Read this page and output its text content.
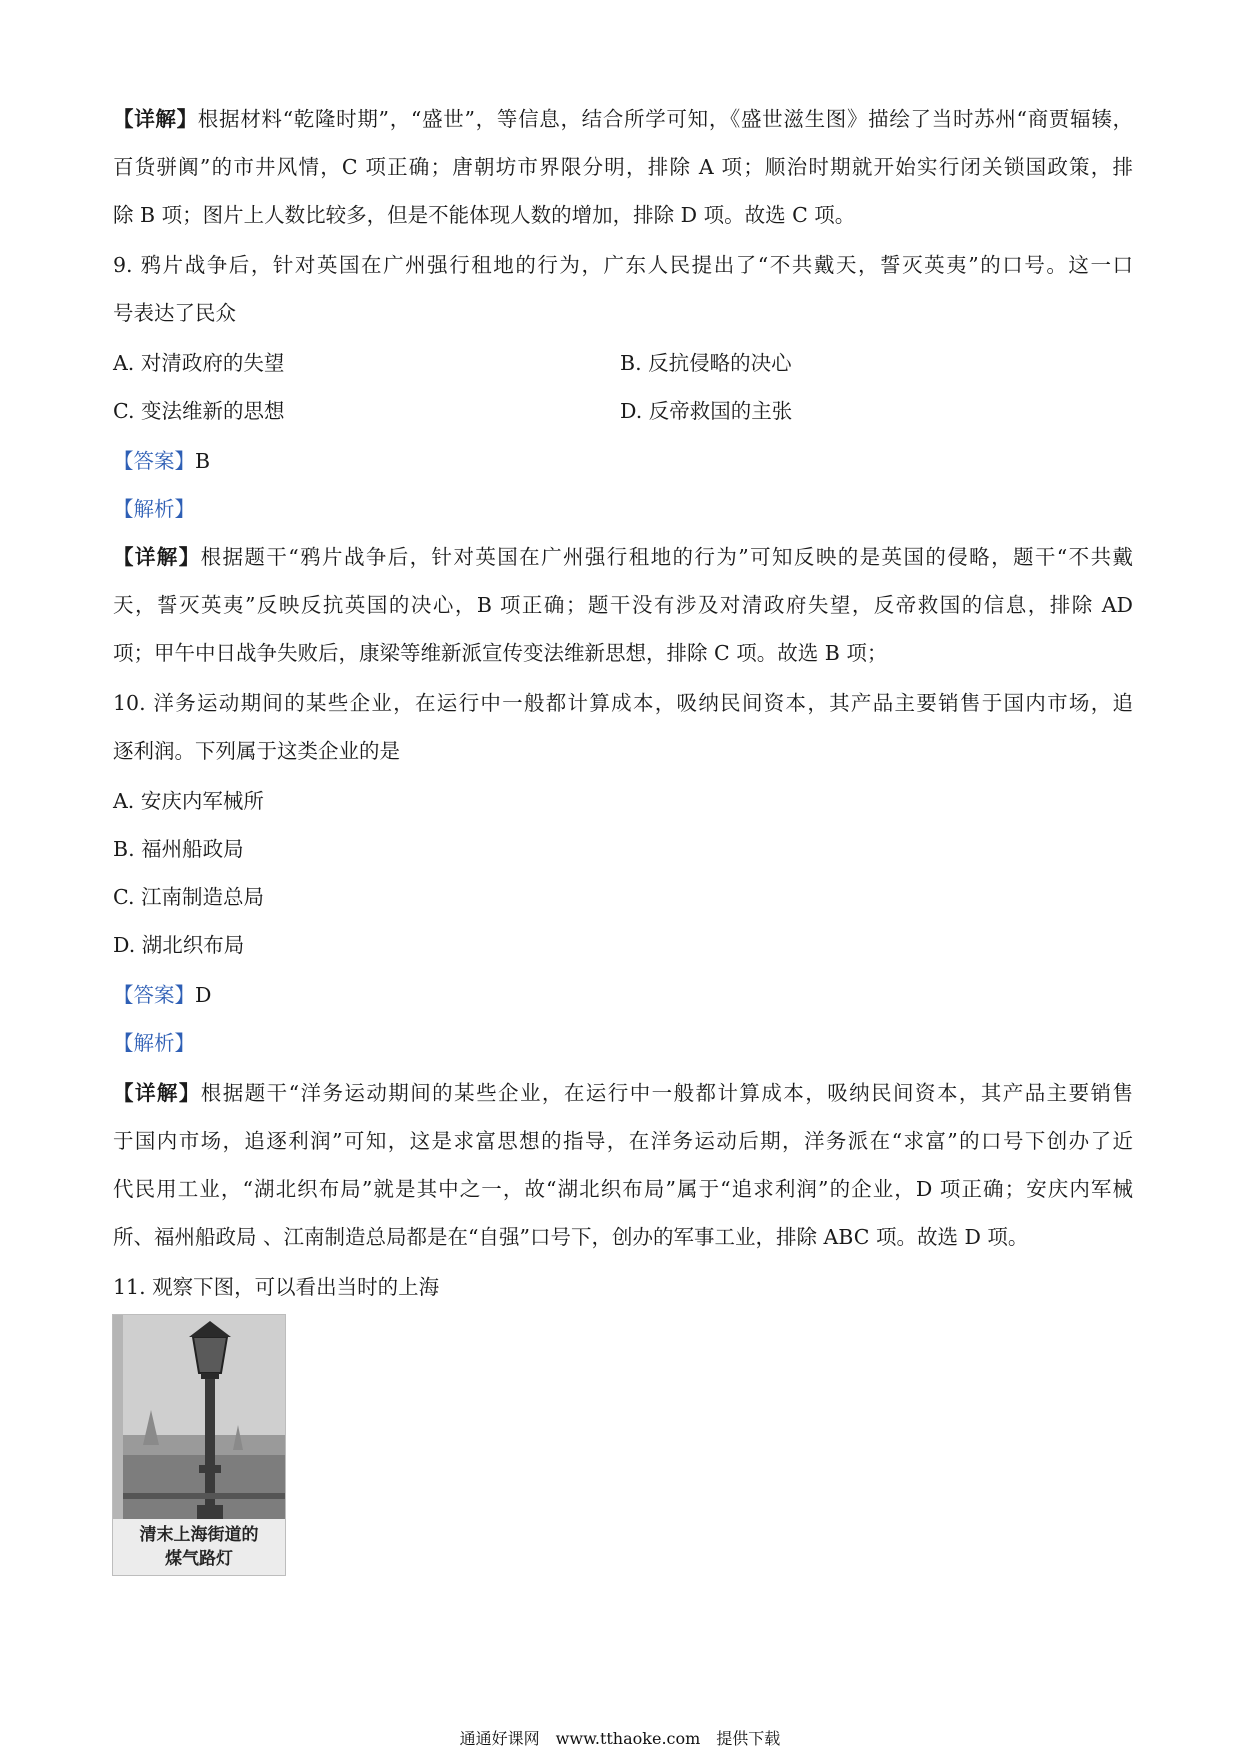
【详解】根据材料“乾隆时期”，“盛世”，等信息，结合所学可知，《盛世滋生图》描绘了当时苏州“商贾辐辏，
百货骈阗”的市井风情，C 项正确；唐朝坊市界限分明，排除 A 项；顺治时期就开始实行闭关锁国政策，排
除 B 项；图片上人数比较多，但是不能体现人数的增加，排除 D 项。故选 C 项。
9. 鸦片战争后，针对英国在广州强行租地的行为，广东人民提出了“不共戴天，誓灭英夷”的口号。这一口
号表达了民众
A. 对清政府的失望	B. 反抗侵略的决心
C. 变法维新的思想	D. 反帝救国的主张
【答案】B
【解析】
【详解】根据题干“鸦片战争后，针对英国在广州强行租地的行为”可知反映的是英国的侵略，题干“不共戴
天，誓灭英夷”反映反抗英国的决心，B 项正确；题干没有涉及对清政府失望，反帝救国的信息，排除 AD
项；甲午中日战争失败后，康梁等维新派宣传变法维新思想，排除 C 项。故选 B 项；
10. 洋务运动期间的某些企业，在运行中一般都计算成本，吸纳民间资本，其产品主要销售于国内市场，追
逐利润。下列属于这类企业的是
A. 安庆内军械所
B. 福州船政局
C. 江南制造总局
D. 湖北织布局
【答案】D
【解析】
【详解】根据题干“洋务运动期间的某些企业，在运行中一般都计算成本，吸纳民间资本，其产品主要销售
于国内市场，追逐利润”可知，这是求富思想的指导，在洋务运动后期，洋务派在“求富”的口号下创办了近
代民用工业，“湖北织布局”就是其中之一，故“湖北织布局”属于“追求利润”的企业，D 项正确；安庆内军械
所、福州船政局 、江南制造总局都是在“自强”口号下，创办的军事工业，排除 ABC 项。故选 D 项。
11. 观察下图，可以看出当时的上海
清末上海街道的
煤气路灯
通通好课网　www.tthaoke.com　提供下载
